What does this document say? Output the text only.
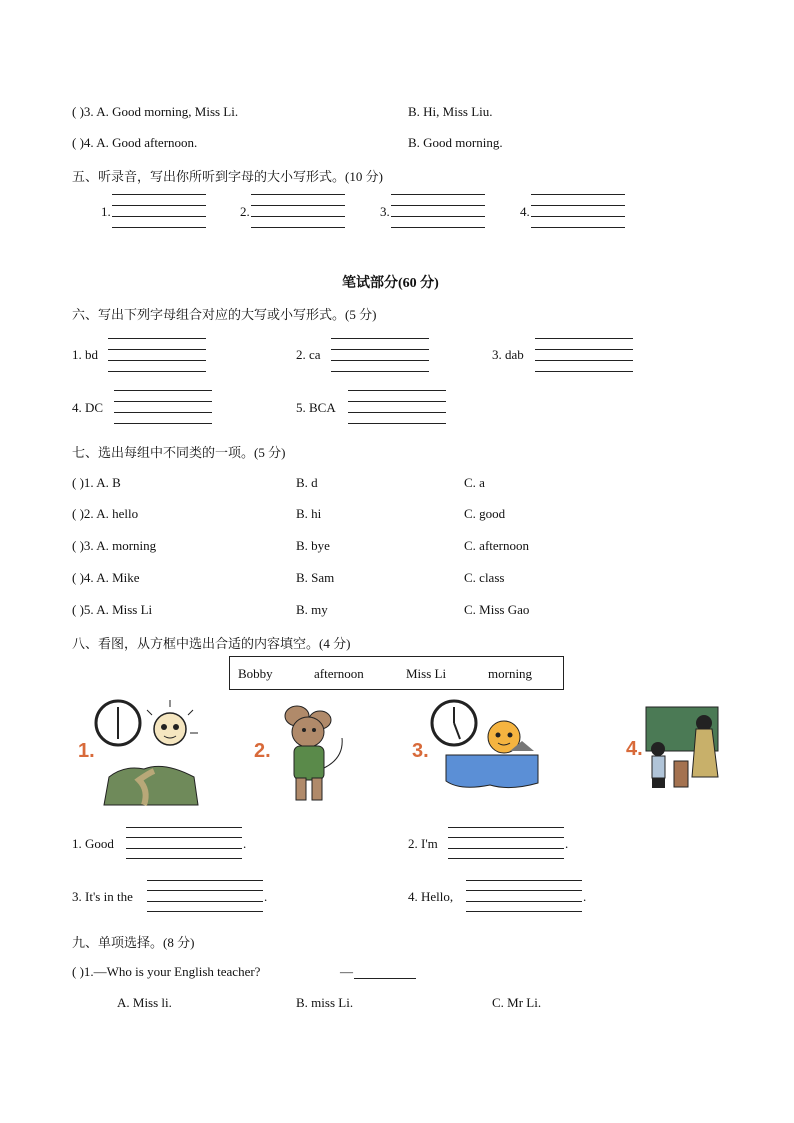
( )3. A. Good morning, Miss Li.	B. Hi, Miss Liu.
( )4. A. Good afternoon.	B. Good morning.
五、听录音，写出你所听到字母的大小写形式。(10 分)
1.	2.	3.	4.
笔试部分(60 分)
六、写出下列字母组合对应的大写或小写形式。(5 分)
1. bd	2. ca	3. dab
4. DC	5. BCA
七、选出每组中不同类的一项。(5 分)
( )1. A. B	B. d	C. a
( )2. A. hello	B. hi	C. good
( )3. A. morning	B. bye	C. afternoon
( )4. A. Mike	B. Sam	C. class
( )5. A. Miss Li	B. my	C. Miss Gao
八、看图，从方框中选出合适的内容填空。(4 分)
Bobby	afternoon	Miss Li	morning
1.	2.	3.	4.
1. Good	.	2. I'm	.
3. It's in the	.	4. Hello,	.
九、单项选择。(8 分)
( )1.—Who is your English teacher?	—
A. Miss li.	B. miss Li.	C. Mr Li.
